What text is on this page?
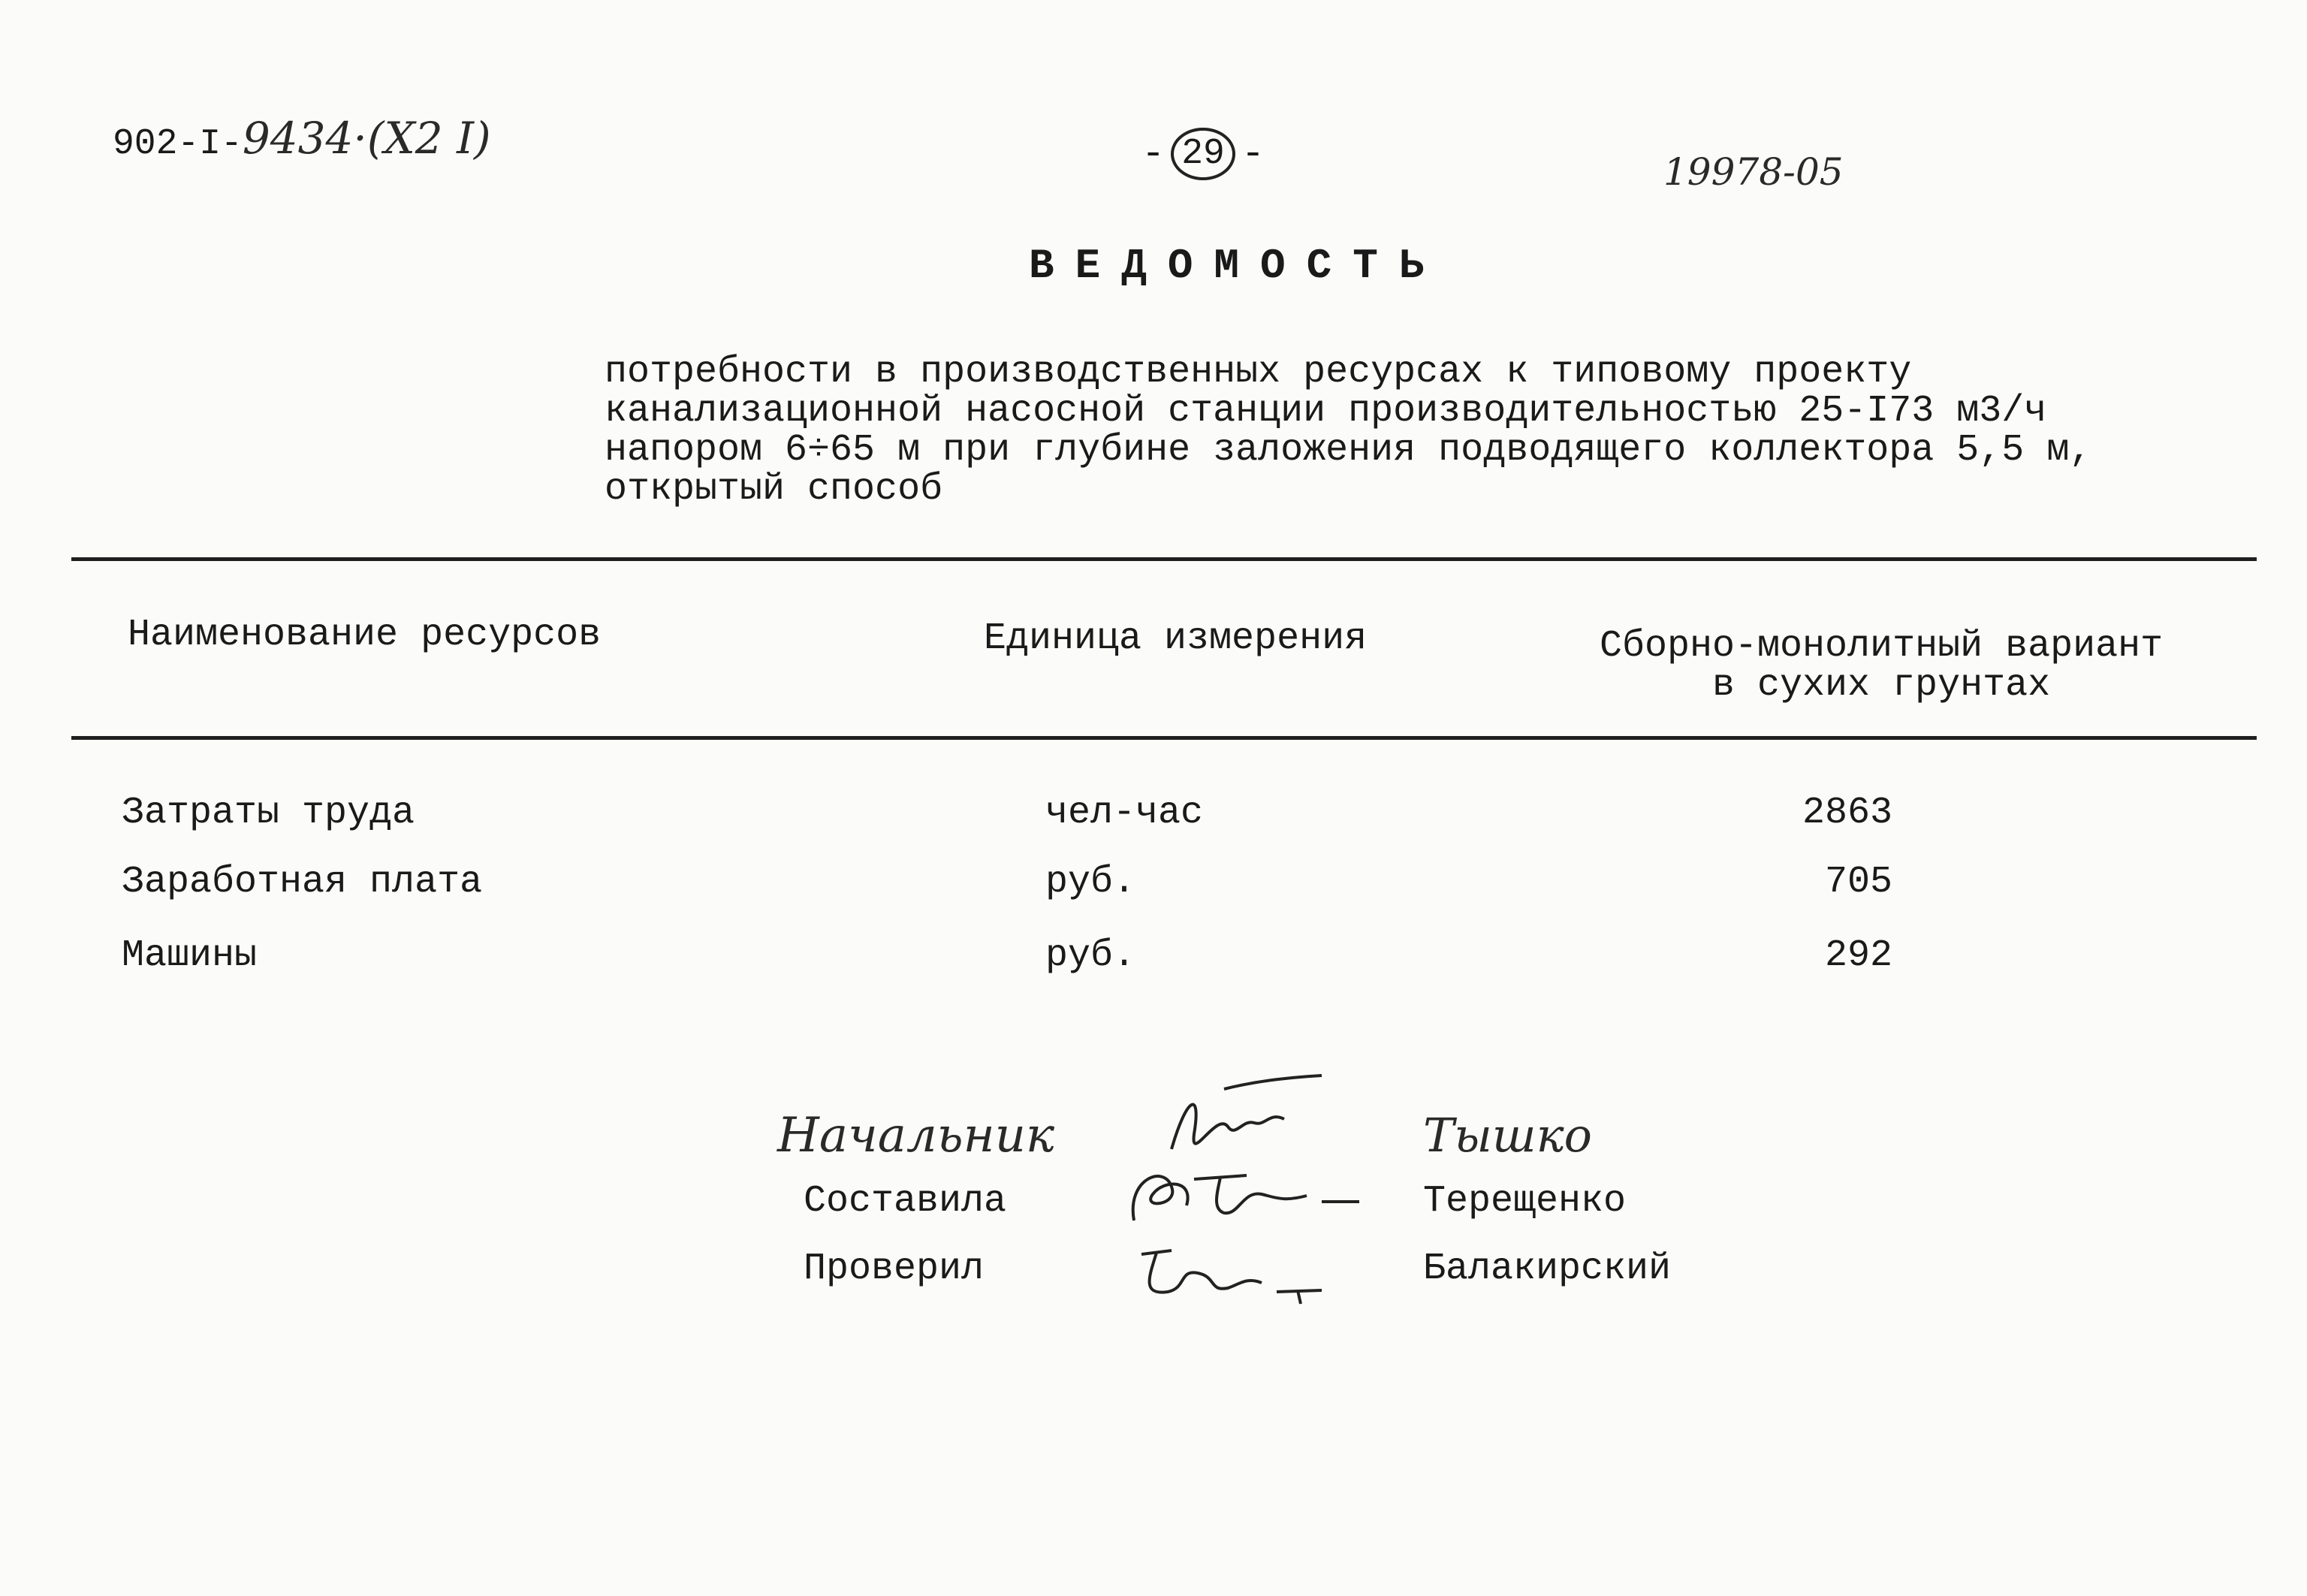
902-I-9434·(Х2 I)	- 29 -	19978-05
ВЕДОМОСТЬ
потребности в производственных ресурсах к типовому проекту
канализационной насосной станции производительностью 25-I73 м3/ч
напором 6÷65 м при глубине заложения подводящего коллектора 5,5 м,
открытый способ
Наименование ресурсов	Единица измерения	Сборно-монолитный вариант
в сухих грунтах
Затраты труда	чел-час	2863
Заработная плата	руб.	705
Машины	руб.	292
Начальник	Тышко
Составила	Терещенко
Проверил	Балакирский
